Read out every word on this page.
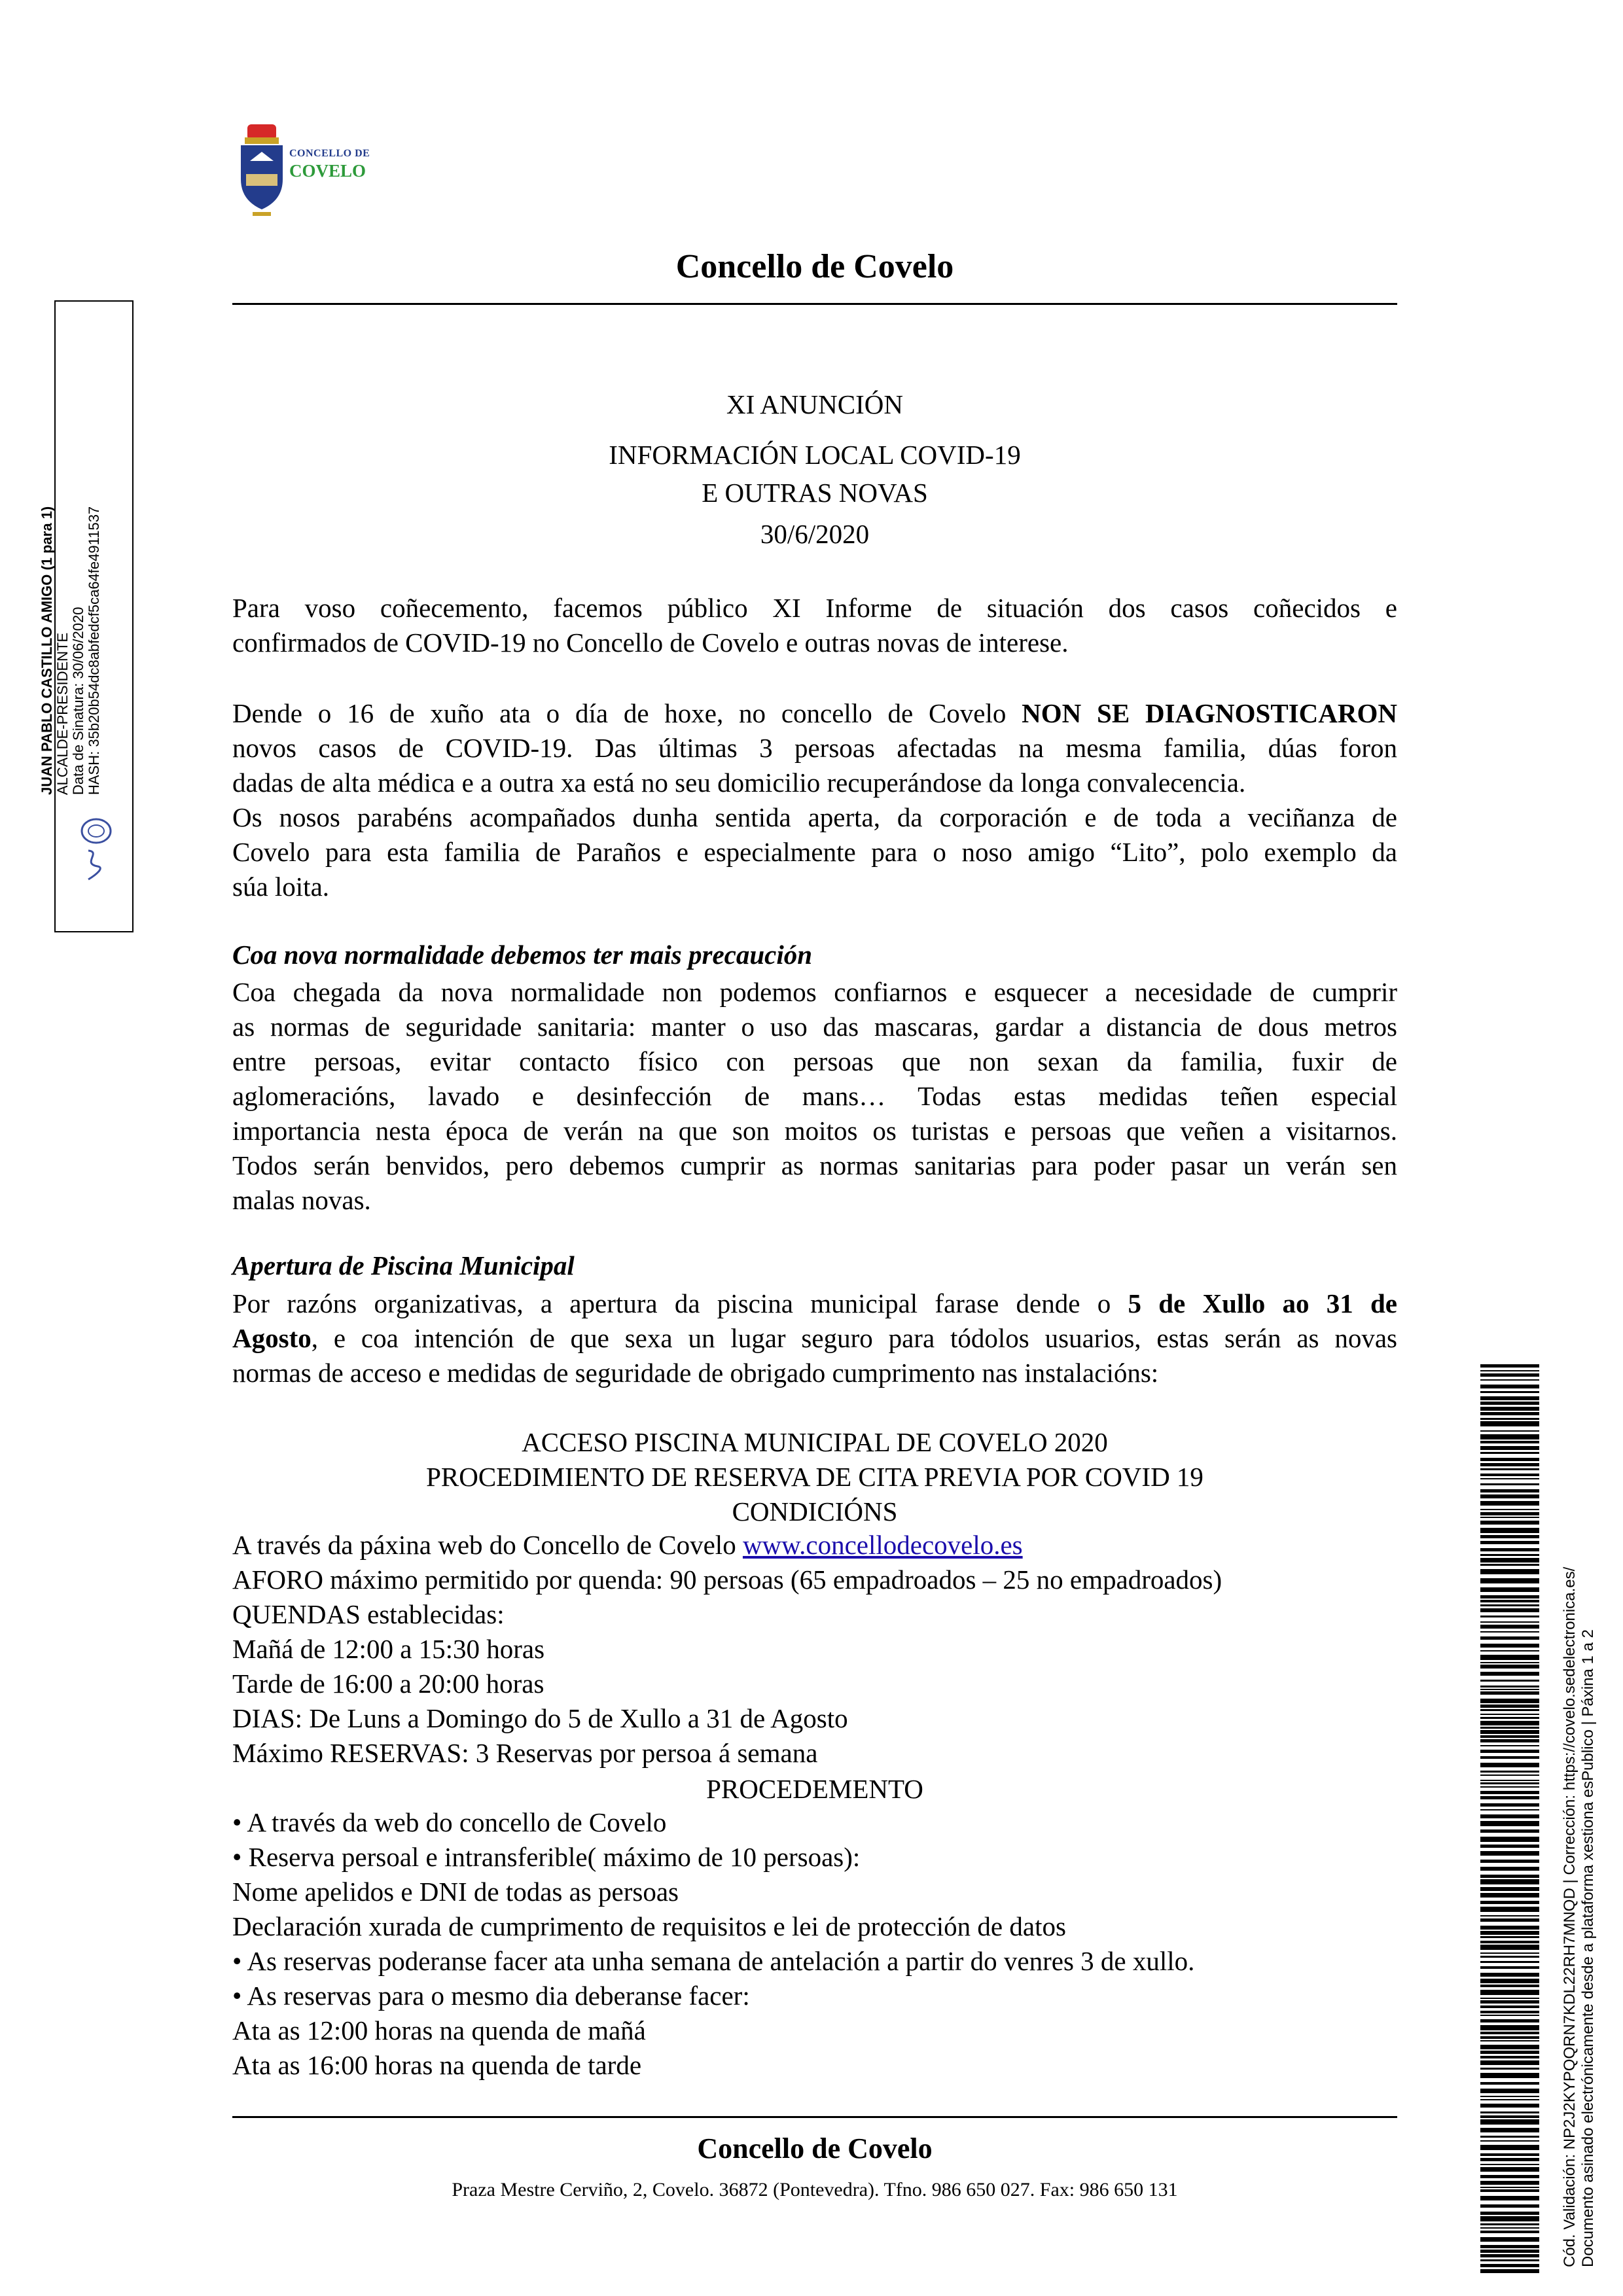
CONCELLO DE
COVELO
Concello de Covelo
JUAN PABLO CASTILLO AMIGO (1 para 1) ALCALDE-PRESIDENTE Data de Sinatura: 30/06/2020 HASH: 35b20b54dc8abfedcf5ca64fe4911537
XI ANUNCIÓN
INFORMACIÓN LOCAL COVID-19
E OUTRAS NOVAS
30/6/2020
Para voso coñecemento, facemos público XI Informe de situación dos casos coñecidos e
confirmados de COVID-19 no Concello de Covelo e outras novas de interese.
Dende o 16 de xuño ata o día de hoxe, no concello de Covelo NON SE DIAGNOSTICARON
novos casos de COVID-19. Das últimas 3 persoas afectadas na mesma familia, dúas foron
dadas de alta médica e a outra xa está no seu domicilio recuperándose da longa convalecencia.
Os nosos parabéns acompañados dunha sentida aperta, da corporación e de toda a veciñanza de
Covelo para esta familia de Paraños e especialmente para o noso amigo “Lito”, polo exemplo da
súa loita.
Coa nova normalidade debemos ter mais precaución
Coa chegada da nova normalidade non podemos confiarnos e esquecer a necesidade de cumprir
as normas de seguridade sanitaria: manter o uso das mascaras, gardar a distancia de dous metros
entre persoas, evitar contacto físico con persoas que non sexan da familia, fuxir de
aglomeracións, lavado e desinfección de mans… Todas estas medidas teñen especial
importancia nesta época de verán na que son moitos os turistas e persoas que veñen a visitarnos.
Todos serán benvidos, pero debemos cumprir as normas sanitarias para poder pasar un verán sen
malas novas.
Apertura de Piscina Municipal
Por razóns organizativas, a apertura da piscina municipal farase dende o 5 de Xullo ao 31 de
Agosto, e coa intención de que sexa un lugar seguro para tódolos usuarios, estas serán as novas
normas de acceso e medidas de seguridade de obrigado cumprimento nas instalacións:
ACCESO PISCINA MUNICIPAL DE COVELO 2020
PROCEDIMIENTO DE RESERVA DE CITA PREVIA POR COVID 19
CONDICIÓNS
A través da páxina web do Concello de Covelo www.concellodecovelo.es
AFORO máximo permitido por quenda: 90 persoas (65 empadroados – 25 no empadroados)
QUENDAS establecidas:
Mañá de 12:00 a 15:30 horas
Tarde de 16:00 a 20:00 horas
DIAS: De Luns a Domingo do 5 de Xullo a 31 de Agosto
Máximo RESERVAS: 3 Reservas por persoa á semana
PROCEDEMENTO
• A través da web do concello de Covelo
• Reserva persoal e intransferible( máximo de 10 persoas):
Nome apelidos e DNI de todas as persoas
Declaración xurada de cumprimento de requisitos e lei de protección de datos
• As reservas poderanse facer ata unha semana de antelación a partir do venres 3 de xullo.
• As reservas para o mesmo dia deberanse facer:
Ata as 12:00 horas na quenda de mañá
Ata as 16:00 horas na quenda de tarde
Concello de Covelo
Praza Mestre Cerviño, 2, Covelo. 36872 (Pontevedra). Tfno. 986 650 027. Fax: 986 650 131	Cód. Validación: NP2J2KYPQQRN7KDL22RH7MNQD | Corrección: https://covelo.sedelectronica.es/ Documento asinado electrónicamente desde a plataforma xestiona esPublico | Páxina 1 a 2
